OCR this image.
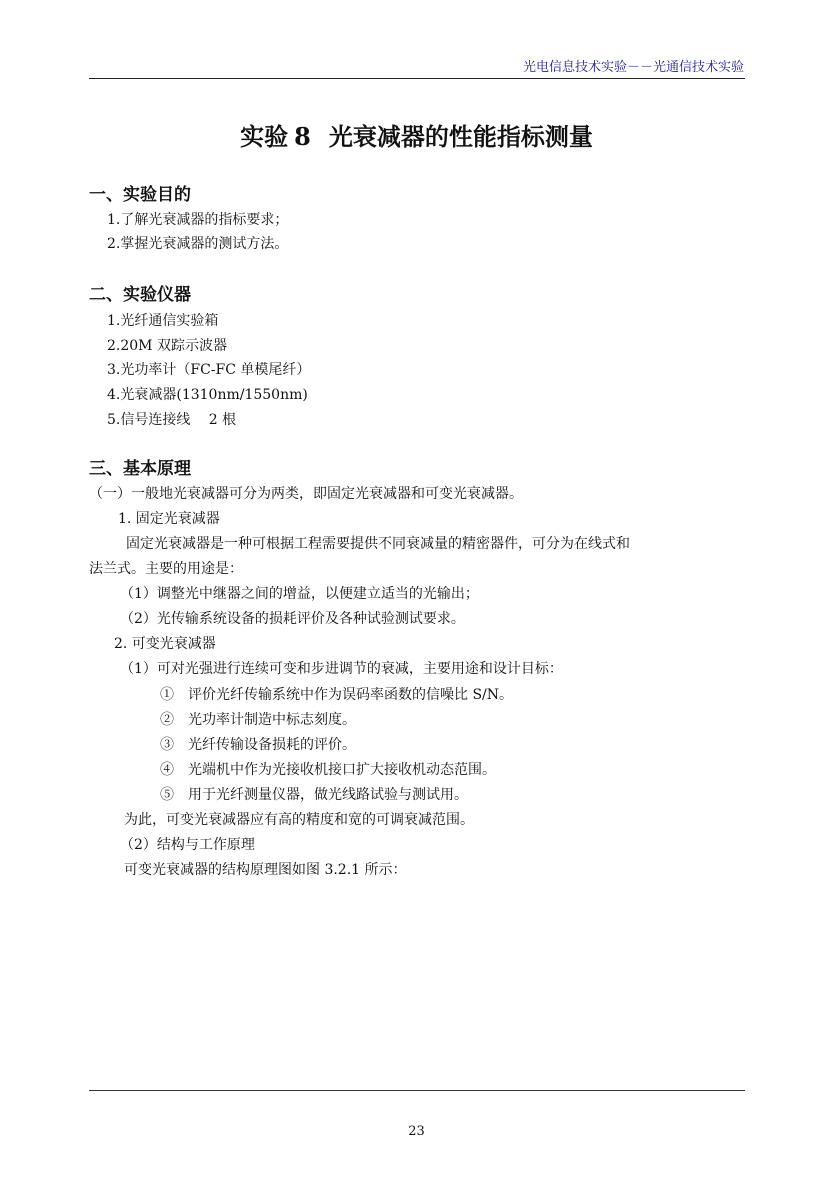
光电信息技术实验－－光通信技术实验
实验 8 光衰减器的性能指标测量
一、实验目的
1.了解光衰减器的指标要求；
2.掌握光衰减器的测试方法。
二、实验仪器
1.光纤通信实验箱
2.20M 双踪示波器
3.光功率计（FC-FC 单模尾纤）
4.光衰减器(1310nm/1550nm)
5.信号连接线　 2 根
三、基本原理
（一）一般地光衰减器可分为两类，即固定光衰减器和可变光衰减器。
1. 固定光衰减器
固定光衰减器是一种可根据工程需要提供不同衰减量的精密器件，可分为在线式和
法兰式。主要的用途是：
（1）调整光中继器之间的增益，以便建立适当的光输出；
（2）光传输系统设备的损耗评价及各种试验测试要求。
2. 可变光衰减器
（1）可对光强进行连续可变和步进调节的衰减，主要用途和设计目标：
①　评价光纤传输系统中作为误码率函数的信噪比 S/N。
②　光功率计制造中标志刻度。
③　光纤传输设备损耗的评价。
④　光端机中作为光接收机接口扩大接收机动态范围。
⑤　用于光纤测量仪器，做光线路试验与测试用。
为此，可变光衰减器应有高的精度和宽的可调衰减范围。
（2）结构与工作原理
可变光衰减器的结构原理图如图 3.2.1 所示：
23
